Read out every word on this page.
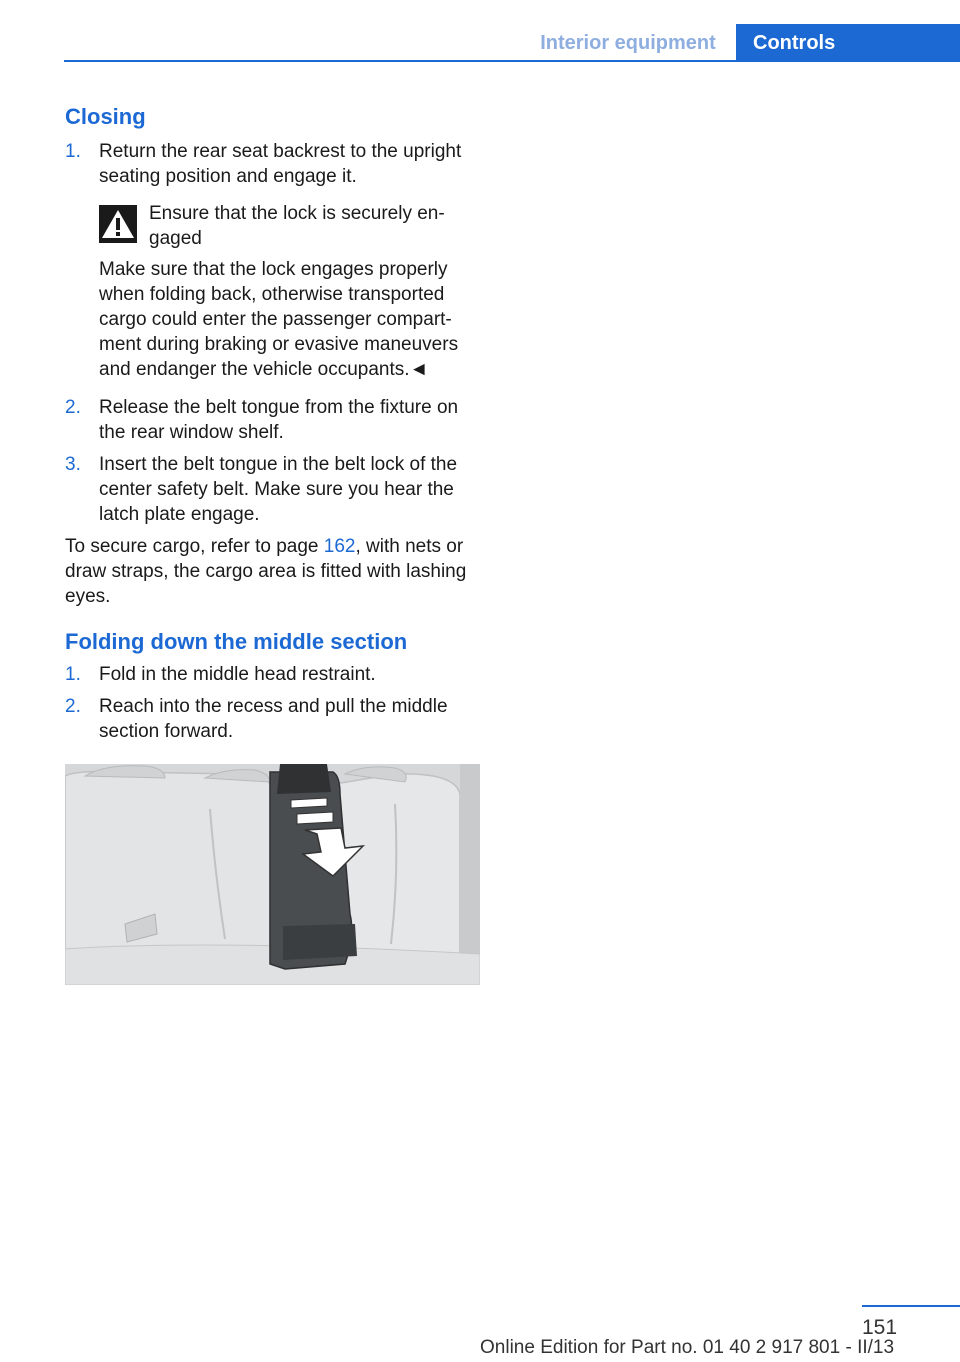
Interior equipment	Controls
Closing
1. Return the rear seat backrest to the upright seating position and engage it.

Ensure that the lock is securely en- gaged

Make sure that the lock engages properly when folding back, otherwise transported cargo could enter the passenger compart- ment during braking or evasive maneuvers and endanger the vehicle occupants.◄

2. Release the belt tongue from the fixture on the rear window shelf.

3. Insert the belt tongue in the belt lock of the center safety belt. Make sure you hear the latch plate engage.

To secure cargo, refer to page 162, with nets or draw straps, the cargo area is fitted with lashing eyes.

Folding down the middle section
1. Fold in the middle head restraint.

2. Reach into the recess and pull the middle section forward.

151
Online Edition for Part no. 01 40 2 917 801 - II/13
